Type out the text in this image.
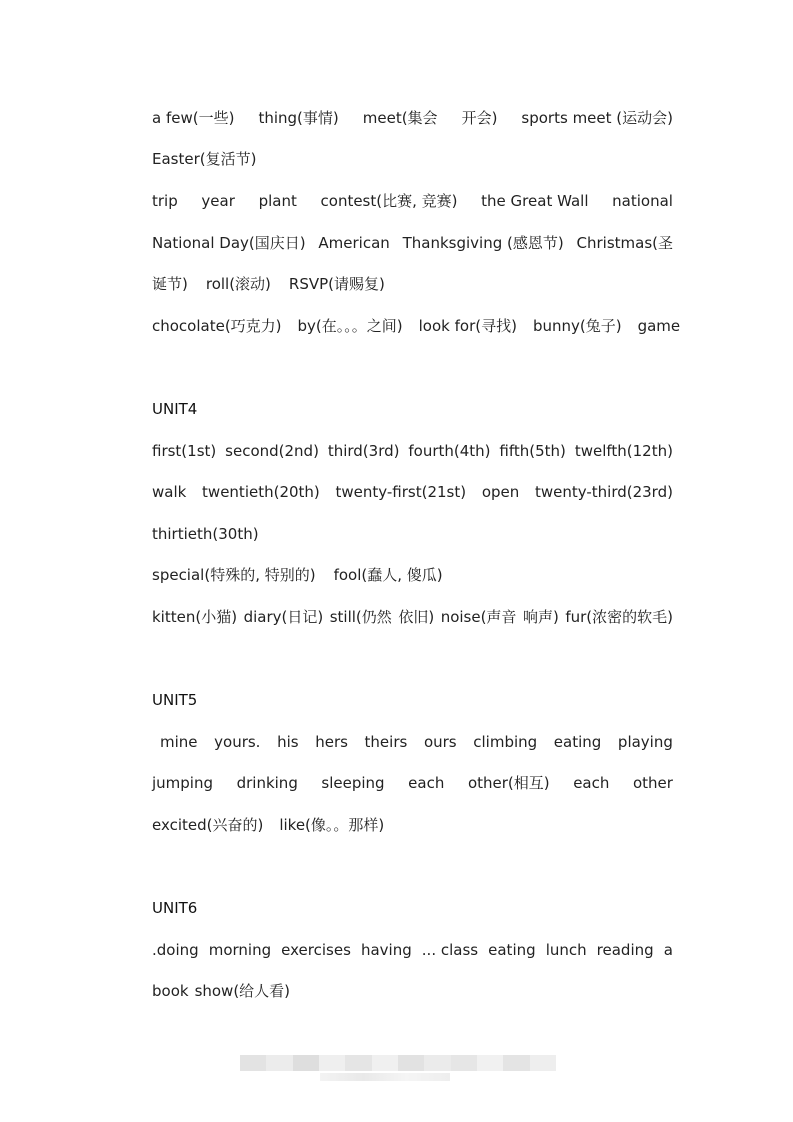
a few(一些) thing(事情) meet(集会 开会) sports meet (运动会)
Easter(复活节)
trip year plant contest(比赛, 竞赛) the Great Wall national
National Day(国庆日) American Thanksgiving (感恩节) Christmas(圣
诞节) roll(滚动) RSVP(请赐复)
chocolate(巧克力) by(在。。。之间) look for(寻找) bunny(兔子) game
UNIT4
first(1st) second(2nd) third(3rd) fourth(4th) fifth(5th) twelfth(12th)
walk twentieth(20th) twenty-first(21st) open twenty-third(23rd)
thirtieth(30th)
special(特殊的, 特别的) fool(蠢人, 傻瓜)
kitten(小猫) diary(日记) still(仍然 依旧) noise(声音 响声) fur(浓密的软毛)
UNIT5
mine yours. his hers theirs ours climbing eating playing
jumping drinking sleeping each other(相互) each other
excited(兴奋的) like(像。。那样)
UNIT6
.doing morning exercises having ... class eating lunch reading a
book show(给人看)
